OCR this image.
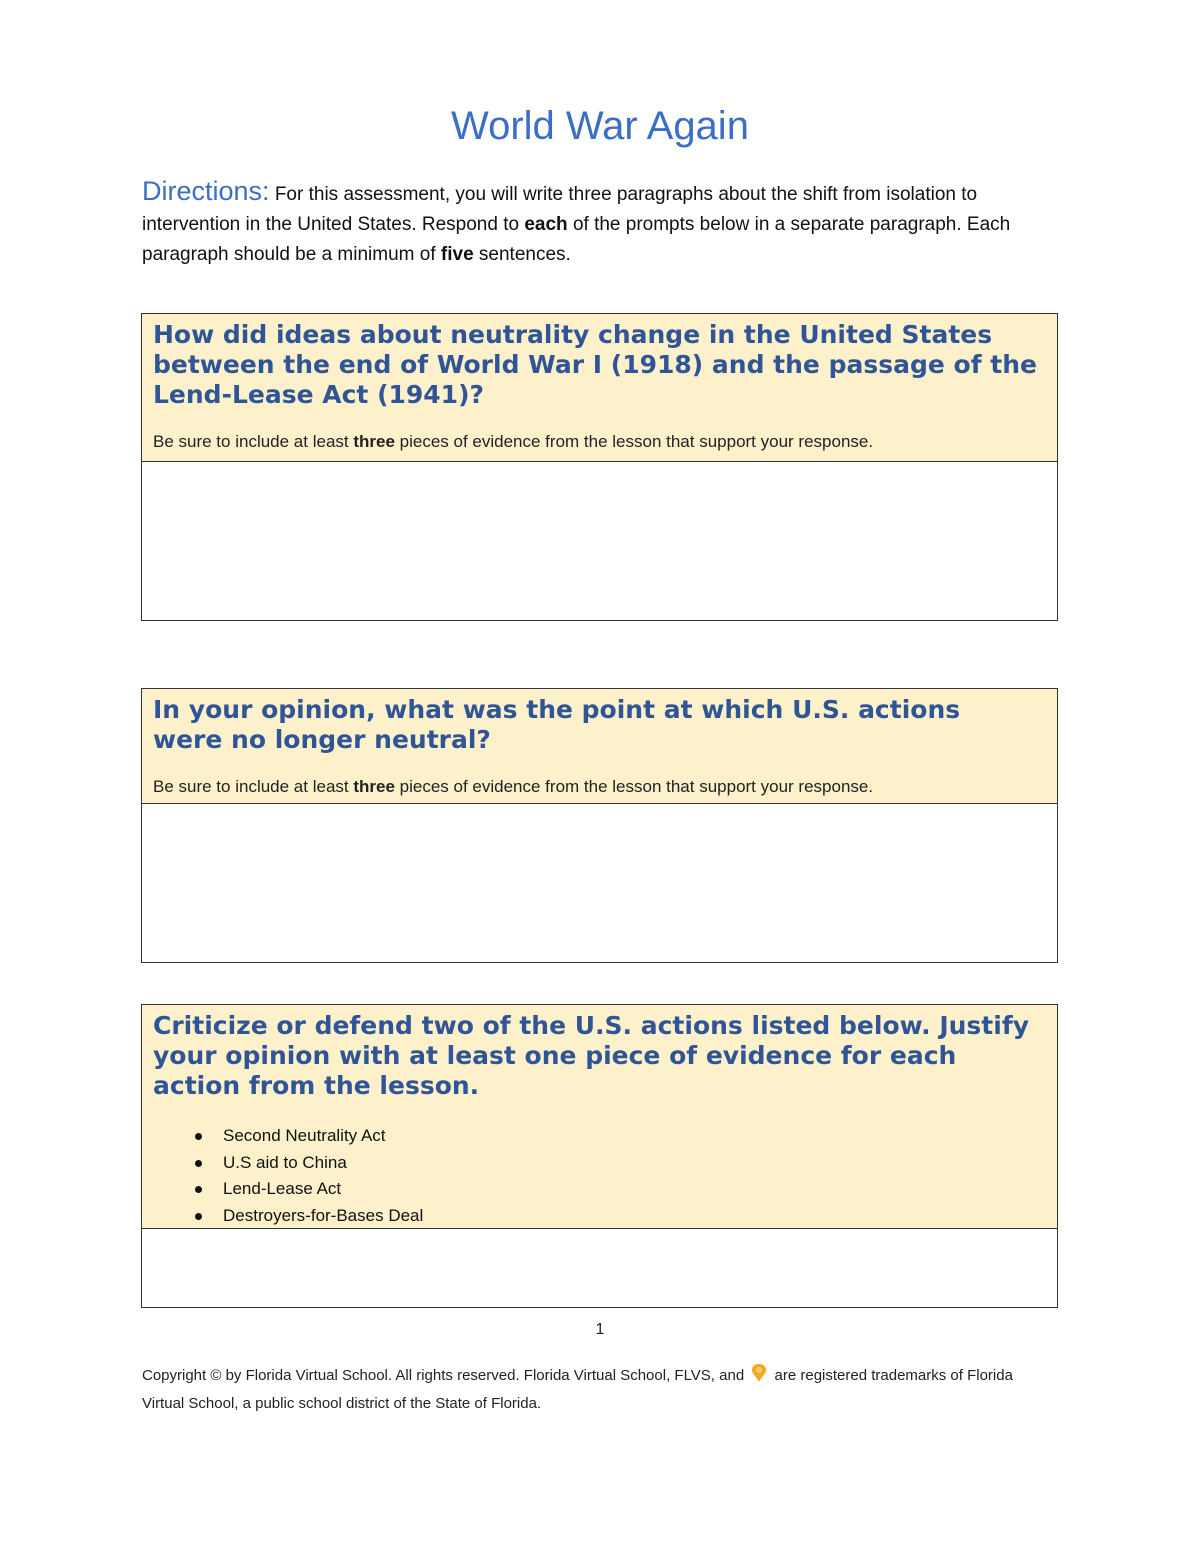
World War Again
Directions: For this assessment, you will write three paragraphs about the shift from isolation to intervention in the United States. Respond to each of the prompts below in a separate paragraph. Each paragraph should be a minimum of five sentences.
How did ideas about neutrality change in the United States between the end of World War I (1918) and the passage of the Lend-Lease Act (1941)?
Be sure to include at least three pieces of evidence from the lesson that support your response.
In your opinion, what was the point at which U.S. actions were no longer neutral?
Be sure to include at least three pieces of evidence from the lesson that support your response.
Criticize or defend two of the U.S. actions listed below. Justify your opinion with at least one piece of evidence for each action from the lesson.
Second Neutrality Act
U.S aid to China
Lend-Lease Act
Destroyers-for-Bases Deal
1
Copyright © by Florida Virtual School. All rights reserved. Florida Virtual School, FLVS, and  are registered trademarks of Florida Virtual School, a public school district of the State of Florida.
